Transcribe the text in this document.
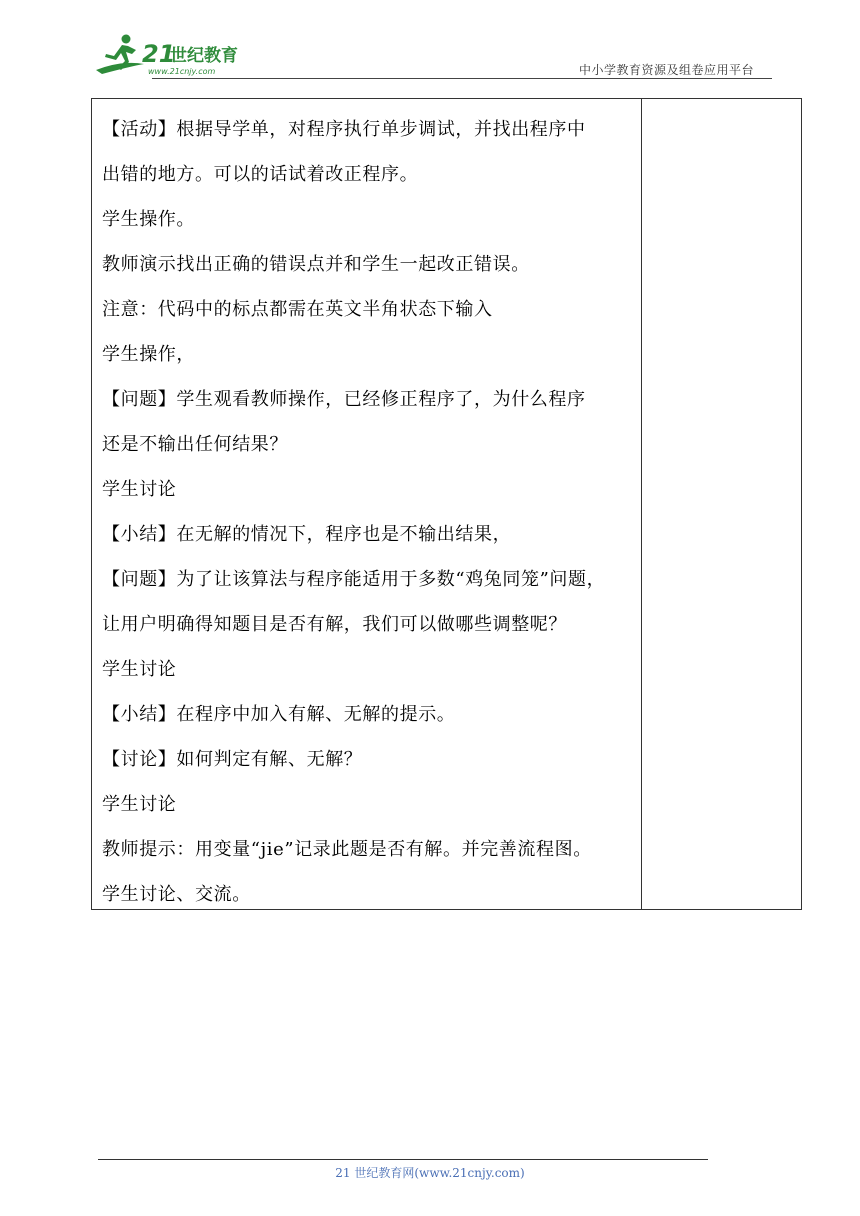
21
世纪教育
www.21cnjy.com	中小学教育资源及组卷应用平台
【活动】根据导学单，对程序执行单步调试，并找出程序中
出错的地方。可以的话试着改正程序。
学生操作。
教师演示找出正确的错误点并和学生一起改正错误。
注意：代码中的标点都需在英文半角状态下输入
学生操作，
【问题】学生观看教师操作，已经修正程序了，为什么程序
还是不输出任何结果？
学生讨论
【小结】在无解的情况下，程序也是不输出结果，
【问题】为了让该算法与程序能适用于多数“鸡兔同笼”问题，
让用户明确得知题目是否有解，我们可以做哪些调整呢？
学生讨论
【小结】在程序中加入有解、无解的提示。
【讨论】如何判定有解、无解？
学生讨论
教师提示：用变量“jie”记录此题是否有解。并完善流程图。
学生讨论、交流。
21 世纪教育网(www.21cnjy.com)
